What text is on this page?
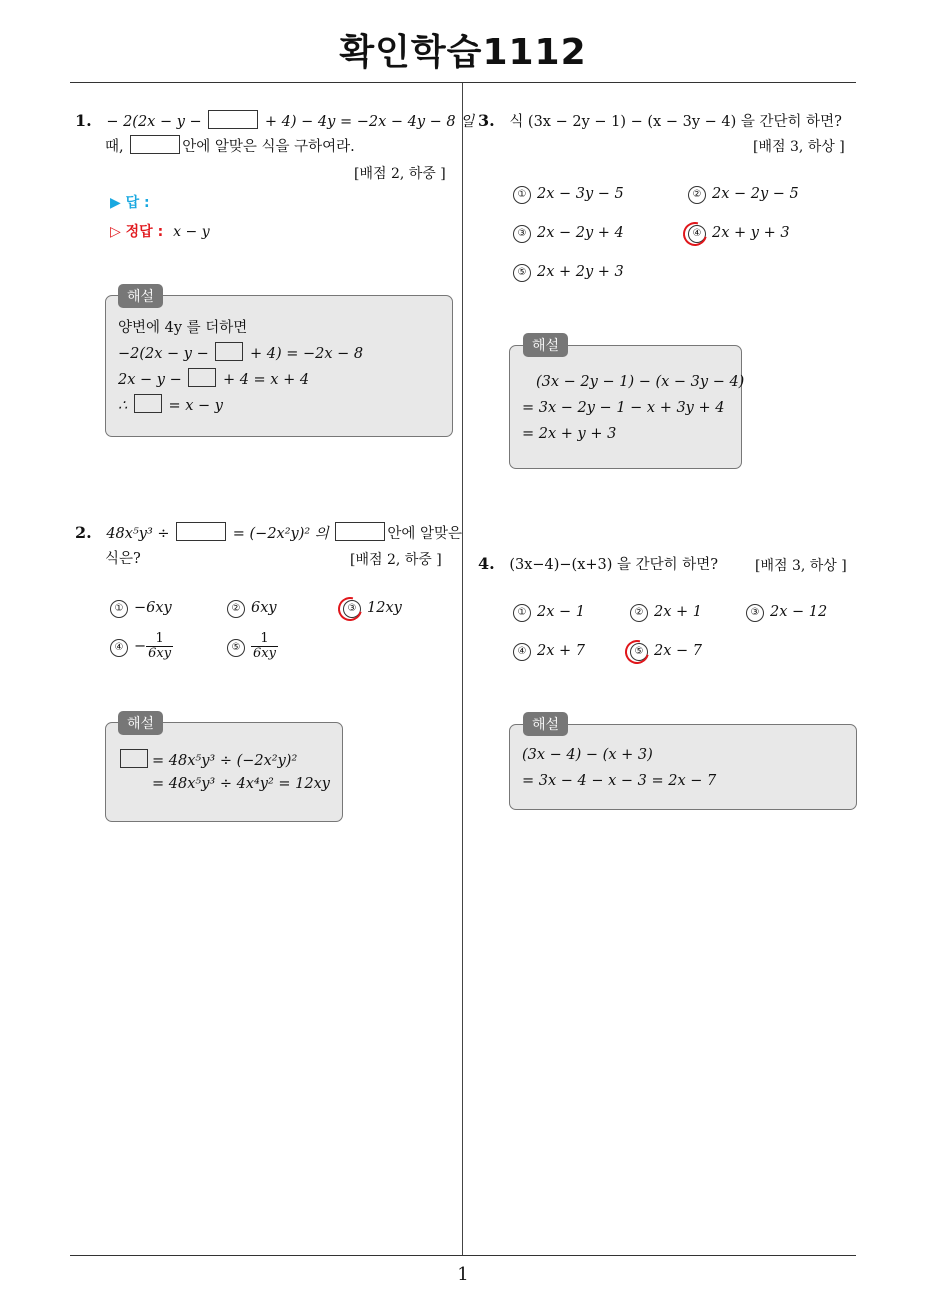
확인학습1112
1
1. − 2(2x − y −	+ 4) − 4y = −2x − 4y − 8 일
때,	안에 알맞은 식을 구하여라.
[배점 2, 하중 ]
▶ 답 :
▷ 정답 : x − y
양변에 4y 를 더하면
−2(2x − y −	+ 4) = −2x − 8
2x − y −	+ 4 = x + 4
∴	= x − y
해설
2. 48x⁵y³ ÷	= (−2x²y)² 의	안에 알맞은
식은?	[배점 2, 하중 ]
① −6xy	② 6xy	③ 12xy
④ − $\frac{1}{6xy}$	⑤ $\frac{1}{6xy}$
= 48x⁵y³ ÷ (−2x²y)²
= 48x⁵y³ ÷ 4x⁴y² = 12xy
해설
3. 식 (3x − 2y − 1) − (x − 3y − 4) 을 간단히 하면?
[배점 3, 하상 ]
① 2x − 3y − 5	② 2x − 2y − 5
③ 2x − 2y + 4	④ 2x + y + 3
⑤ 2x + 2y + 3
(3x − 2y − 1) − (x − 3y − 4)
= 3x − 2y − 1 − x + 3y + 4
= 2x + y + 3
해설
4. (3x−4)−(x+3) 을 간단히 하면?	[배점 3, 하상 ]
① 2x − 1	② 2x + 1	③ 2x − 12
④ 2x + 7	⑤ 2x − 7
(3x − 4) − (x + 3)
= 3x − 4 − x − 3 = 2x − 7
해설
